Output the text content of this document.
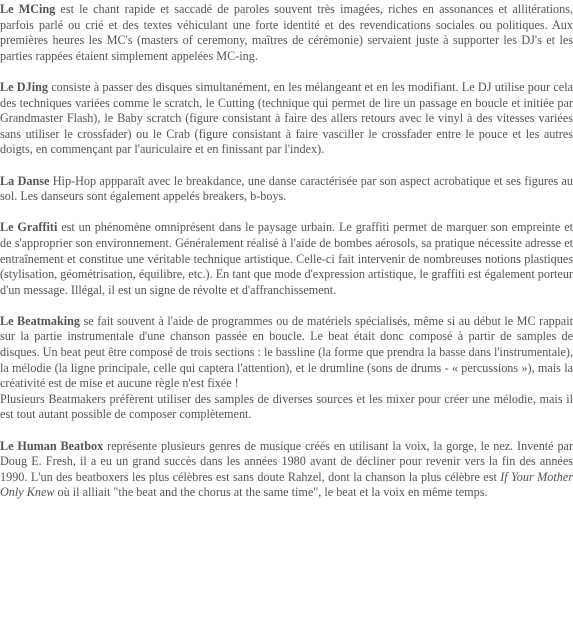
Le MCing est le chant rapide et saccadé de paroles souvent très imagées, riches en assonances et allitérations, parfois parlé ou crié et des textes véhiculant une forte identité et des revendications sociales ou politiques. Aux premières heures les MC's (masters of ceremony, maîtres de cérémonie) servaient juste à supporter les DJ's et les parties rappées étaient simplement appelées MC-ing.

Le DJing consiste à passer des disques simultanément, en les mélangeant et en les modifiant. Le DJ utilise pour cela des techniques variées comme le scratch, le Cutting (technique qui permet de lire un passage en boucle et initiée par Grandmaster Flash), le Baby scratch (figure consistant à faire des allers retours avec le vinyl à des vitesses variées sans utiliser le crossfader) ou le Crab (figure consistant à faire vasciller le crossfader entre le pouce et les autres doigts, en commençant par l'auriculaire et en finissant par l'index).

La Danse Hip-Hop appparaît avec le breakdance, une danse caractérisée par son aspect acrobatique et ses figures au sol. Les danseurs sont également appelés breakers, b-boys.

Le Graffiti est un phénomène omniprésent dans le paysage urbain. Le graffiti permet de marquer son empreinte et de s'approprier son environnement. Généralement réalisé à l'aide de bombes aérosols, sa pratique nécessite adresse et entraînement et constitue une véritable technique artistique. Celle-ci fait intervenir de nombreuses notions plastiques (stylisation, géométrisation, équilibre, etc.). En tant que mode d'expression artistique, le graffiti est également porteur d'un message. Illégal, il est un signe de révolte et d'affranchissement.

Le Beatmaking se fait souvent à l'aide de programmes ou de matériels spécialisés, même si au début le MC rappait sur la partie instrumentale d'une chanson passée en boucle. Le beat était donc composé à partir de samples de disques. Un beat peut être composé de trois sections : le bassline (la forme que prendra la basse dans l'instrumentale), la mélodie (la ligne principale, celle qui captera l'attention), et le drumline (sons de drums - « percussions »), mais la créativité est de mise et aucune règle n'est fixée !

Plusieurs Beatmakers préfèrent utiliser des samples de diverses sources et les mixer pour créer une mélodie, mais il est tout autant possible de composer complètement.

Le Human Beatbox représente plusieurs genres de musique créés en utilisant la voix, la gorge, le nez. Inventé par Doug E. Fresh, il a eu un grand succès dans les années 1980 avant de décliner pour revenir vers la fin des années 1990. L'un des beatboxers les plus célèbres est sans doute Rahzel, dont la chanson la plus célèbre est If Your Mother Only Knew où il alliait "the beat and the chorus at the same time", le beat et la voix en même temps.
